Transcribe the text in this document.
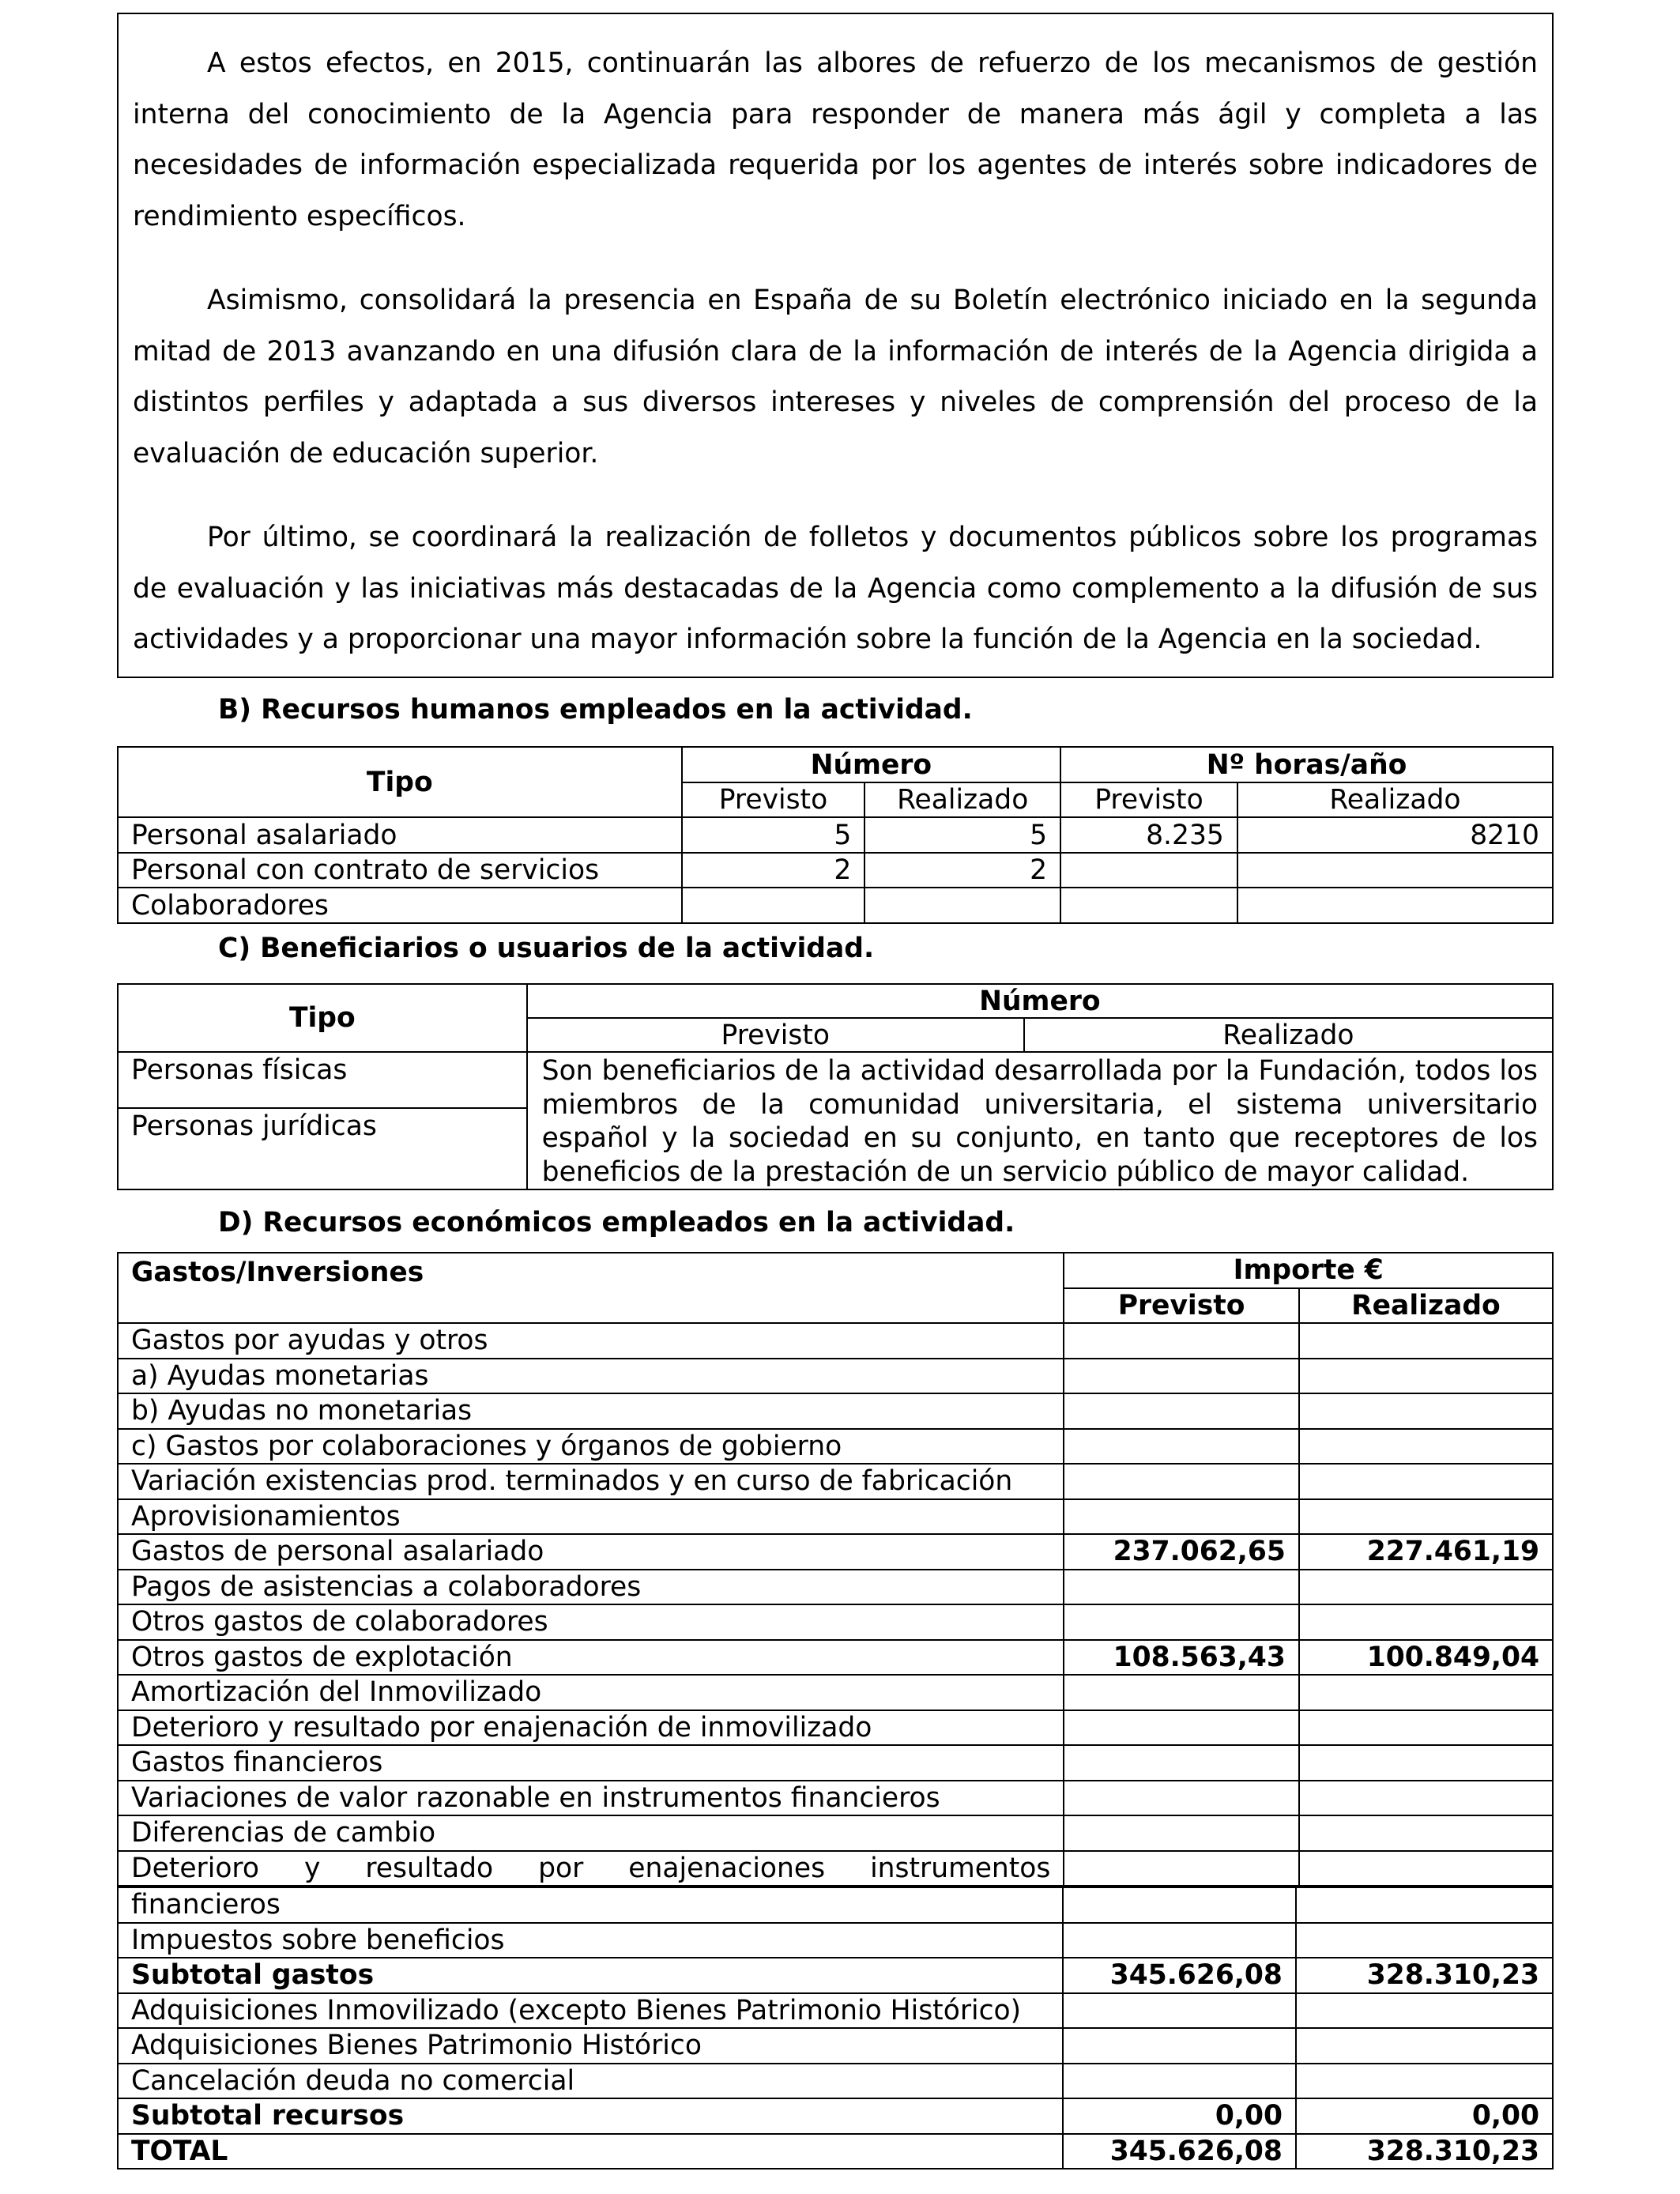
A estos efectos, en 2015, continuarán las albores de refuerzo de los mecanismos de gestión interna del conocimiento de la Agencia para responder de manera más ágil y completa a las necesidades de información especializada requerida por los agentes de interés sobre indicadores de rendimiento específicos.

Asimismo, consolidará la presencia en España de su Boletín electrónico iniciado en la segunda mitad de 2013 avanzando en una difusión clara de la información de interés de la Agencia dirigida a distintos perfiles y adaptada a sus diversos intereses y niveles de comprensión del proceso de la evaluación de educación superior.

Por último, se coordinará la realización de folletos y documentos públicos sobre los programas de evaluación y las iniciativas más destacadas de la Agencia como complemento a la difusión de sus actividades y a proporcionar una mayor información sobre la función de la Agencia en la sociedad.

B) Recursos humanos empleados en la actividad.

Tipo	Número		Nº horas/año	
	Previsto	Realizado	Previsto	Realizado
Personal asalariado	5	5	8.235	8210
Personal con contrato de servicios	2	2		
Colaboradores				

C) Beneficiarios o usuarios de la actividad.

Tipo	Número	
	Previsto	Realizado
Personas físicas	Son beneficiarios de la actividad desarrollada por la Fundación, todos los miembros de la comunidad universitaria, el sistema universitario español y la sociedad en su conjunto, en tanto que receptores de los beneficios de la prestación de un servicio público de mayor calidad.	
Personas jurídicas		

D) Recursos económicos empleados en la actividad.

Gastos/Inversiones	Importe €	
	Previsto	Realizado
Gastos por ayudas y otros		
a) Ayudas monetarias		
b) Ayudas no monetarias		
c) Gastos por colaboraciones y órganos de gobierno		
Variación existencias prod. terminados y en curso de fabricación		
Aprovisionamientos		
Gastos de personal asalariado	237.062,65	227.461,19
Pagos de asistencias a colaboradores		
Otros gastos de colaboradores		
Otros gastos de explotación	108.563,43	100.849,04
Amortización del Inmovilizado		
Deterioro y resultado por enajenación de inmovilizado		
Gastos financieros		
Variaciones de valor razonable en instrumentos financieros		
Diferencias de cambio		
Deterioro y resultado por enajenaciones instrumentos		
financieros		
Impuestos sobre beneficios		
Subtotal gastos	345.626,08	328.310,23
Adquisiciones Inmovilizado (excepto Bienes Patrimonio Histórico)		
Adquisiciones Bienes Patrimonio Histórico		
Cancelación deuda no comercial		
Subtotal recursos	0,00	0,00
TOTAL	345.626,08	328.310,23
